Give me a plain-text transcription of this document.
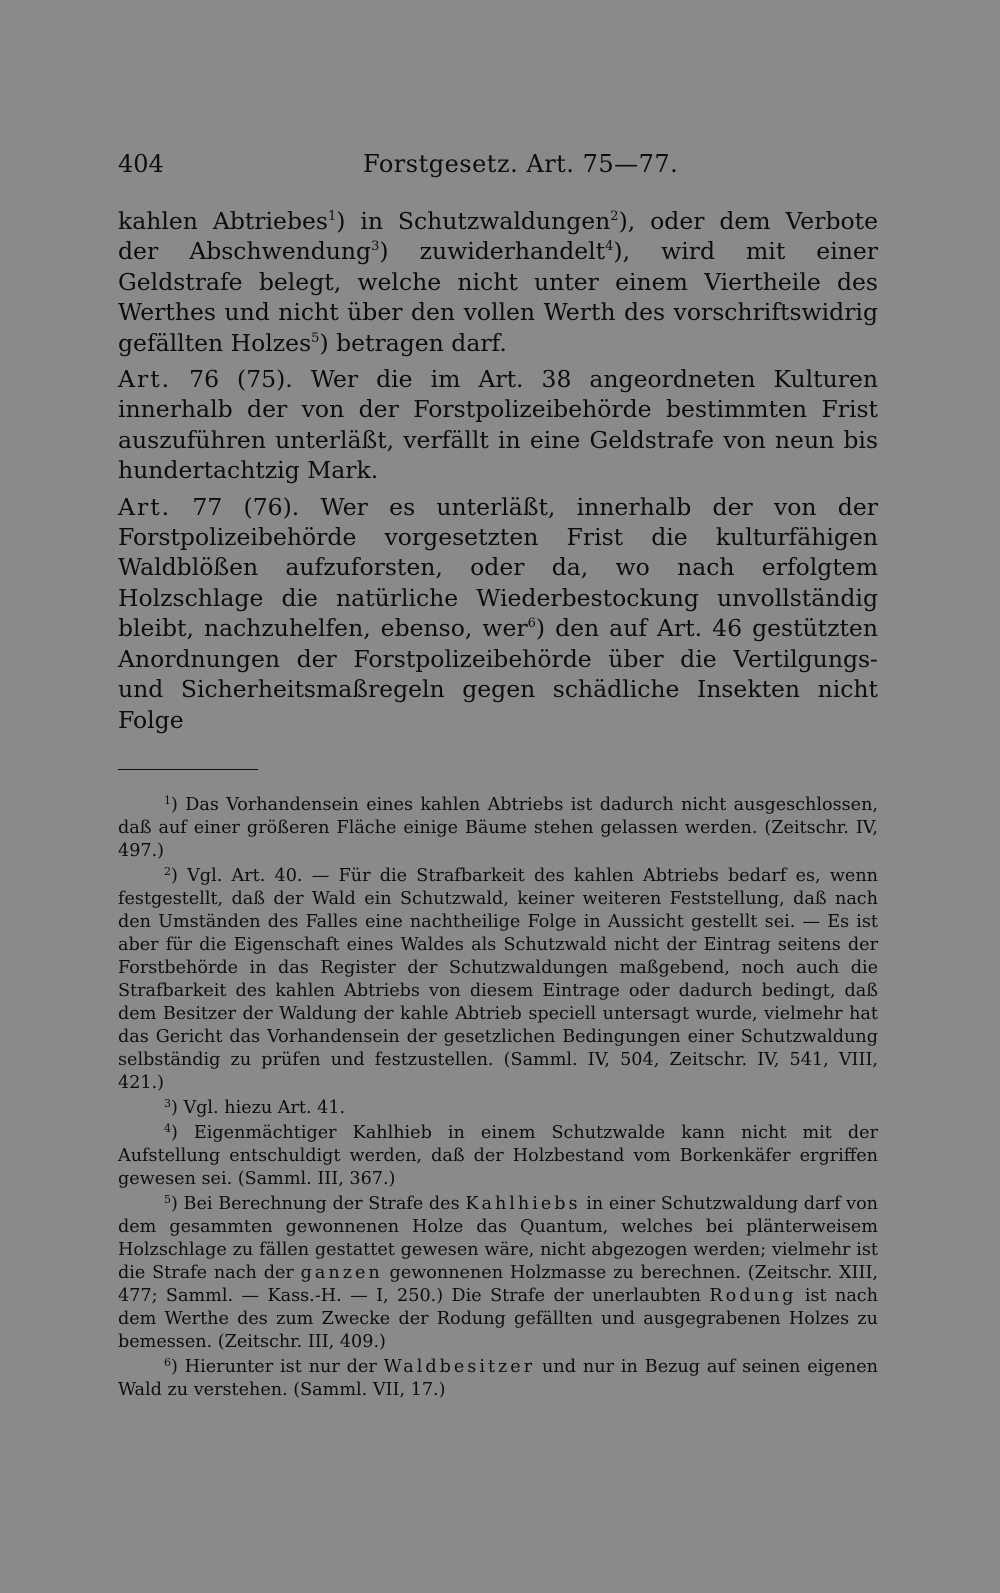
404	Forstgesetz. Art. 75—77.

kahlen Abtriebes$^1$) in Schutzwaldungen$^2$), oder dem Verbote der Abschwendung$^3$) zuwiderhandelt$^4$), wird mit einer Geldstrafe belegt, welche nicht unter einem Viertheile des Werthes und nicht über den vollen Werth des vorschriftswidrig gefällten Holzes$^5$) betragen darf.

Art. 76 (75). Wer die im Art. 38 angeordneten Kulturen innerhalb der von der Forstpolizeibehörde bestimmten Frist auszuführen unterläßt, verfällt in eine Geldstrafe von neun bis hundertachtzig Mark.

Art. 77 (76). Wer es unterläßt, innerhalb der von der Forstpolizeibehörde vorgesetzten Frist die kulturfähigen Waldblößen aufzuforsten, oder da, wo nach erfolgtem Holzschlage die natürliche Wiederbestockung unvollständig bleibt, nachzuhelfen, ebenso, wer$^6$) den auf Art. 46 gestützten Anordnungen der Forstpolizeibehörde über die Vertilgungs- und Sicherheitsmaßregeln gegen schädliche Insekten nicht Folge

$^1$) Das Vorhandensein eines kahlen Abtriebs ist dadurch nicht ausgeschlossen, daß auf einer größeren Fläche einige Bäume stehen gelassen werden. (Zeitschr. IV, 497.)

$^2$) Vgl. Art. 40. — Für die Strafbarkeit des kahlen Abtriebs bedarf es, wenn festgestellt, daß der Wald ein Schutzwald, keiner weiteren Feststellung, daß nach den Umständen des Falles eine nachtheilige Folge in Aussicht gestellt sei. — Es ist aber für die Eigenschaft eines Waldes als Schutzwald nicht der Eintrag seitens der Forstbehörde in das Register der Schutzwaldungen maßgebend, noch auch die Strafbarkeit des kahlen Abtriebs von diesem Eintrage oder dadurch bedingt, daß dem Besitzer der Waldung der kahle Abtrieb speciell untersagt wurde, vielmehr hat das Gericht das Vorhandensein der gesetzlichen Bedingungen einer Schutzwaldung selbständig zu prüfen und festzustellen. (Samml. IV, 504, Zeitschr. IV, 541, VIII, 421.)

$^3$) Vgl. hiezu Art. 41.

$^4$) Eigenmächtiger Kahlhieb in einem Schutzwalde kann nicht mit der Aufstellung entschuldigt werden, daß der Holzbestand vom Borkenkäfer ergriffen gewesen sei. (Samml. III, 367.)

$^5$) Bei Berechnung der Strafe des Kahlhiebs in einer Schutzwaldung darf von dem gesammten gewonnenen Holze das Quantum, welches bei plänterweisem Holzschlage zu fällen gestattet gewesen wäre, nicht abgezogen werden; vielmehr ist die Strafe nach der ganzen gewonnenen Holzmasse zu berechnen. (Zeitschr. XIII, 477; Samml. — Kass.-H. — I, 250.) Die Strafe der unerlaubten Rodung ist nach dem Werthe des zum Zwecke der Rodung gefällten und ausgegrabenen Holzes zu bemessen. (Zeitschr. III, 409.)

$^6$) Hierunter ist nur der Waldbesitzer und nur in Bezug auf seinen eigenen Wald zu verstehen. (Samml. VII, 17.)
